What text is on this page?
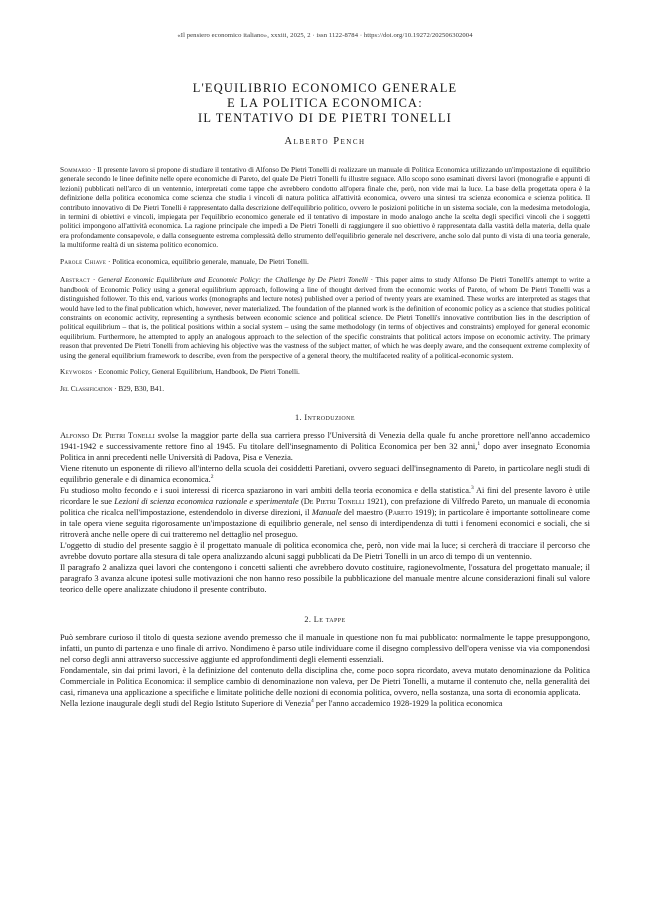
«Il pensiero economico italiano», xxxiii, 2025, 2 · issn 1122-8784 · https://doi.org/10.19272/202506302004
L'EQUILIBRIO ECONOMICO GENERALE
E LA POLITICA ECONOMICA:
IL TENTATIVO DI DE PIETRI TONELLI
Alberto Pench

Sommario · Il presente lavoro si propone di studiare il tentativo di Alfonso De Pietri Tonelli di realizzare un manuale di Politica Economica utilizzando un'impostazione di equilibrio generale secondo le linee definite nelle opere economiche di Pareto, del quale De Pietri Tonelli fu illustre seguace. Allo scopo sono esaminati diversi lavori (monografie e appunti di lezioni) pubblicati nell'arco di un ventennio, interpretati come tappe che avrebbero condotto all'opera finale che, però, non vide mai la luce. La base della progettata opera è la definizione della politica economica come scienza che studia i vincoli di natura politica all'attività economica, ovvero una sintesi tra scienza economica e scienza politica. Il contributo innovativo di De Pietri Tonelli è rappresentato dalla descrizione dell'equilibrio politico, ovvero le posizioni politiche in un sistema sociale, con la medesima metodologia, in termini di obiettivi e vincoli, impiegata per l'equilibrio economico generale ed il tentativo di impostare in modo analogo anche la scelta degli specifici vincoli che i soggetti politici impongono all'attività economica. La ragione principale che impedì a De Pietri Tonelli di raggiungere il suo obiettivo è rappresentata dalla vastità della materia, della quale era profondamente consapevole, e dalla conseguente estrema complessità dello strumento dell'equilibrio generale nel descrivere, anche solo dal punto di vista di una teoria generale, la multiforme realtà di un sistema politico economico.

Parole Chiave · Politica economica, equilibrio generale, manuale, De Pietri Tonelli.

Abstract · General Economic Equilibrium and Economic Policy: the Challenge by De Pietri Tonelli · This paper aims to study Alfonso De Pietri Tonelli's attempt to write a handbook of Economic Policy using a general equilibrium approach, following a line of thought derived from the economic works of Pareto, of whom De Pietri Tonelli was a distinguished follower. To this end, various works (monographs and lecture notes) published over a period of twenty years are examined. These works are interpreted as stages that would have led to the final publication which, however, never materialized. The foundation of the planned work is the definition of economic policy as a science that studies political constraints on economic activity, representing a synthesis between economic science and political science. De Pietri Tonelli's innovative contribution lies in the description of political equilibrium – that is, the political positions within a social system – using the same methodology (in terms of objectives and constraints) employed for general economic equilibrium. Furthermore, he attempted to apply an analogous approach to the selection of the specific constraints that political actors impose on economic activity. The primary reason that prevented De Pietri Tonelli from achieving his objective was the vastness of the subject matter, of which he was deeply aware, and the consequent extreme complexity of using the general equilibrium framework to describe, even from the perspective of a general theory, the multifaceted reality of a political-economic system.

Keywords · Economic Policy, General Equilibrium, Handbook, De Pietri Tonelli.

Jel Classification · B29, B30, B41.

1. Introduzione

Alfonso De Pietri Tonelli svolse la maggior parte della sua carriera presso l'Università di Venezia della quale fu anche prorettore nell'anno accademico 1941-1942 e successivamente rettore fino al 1945. Fu titolare dell'insegnamento di Politica Economica per ben 32 anni,$^1$ dopo aver insegnato Economia Politica in anni precedenti nelle Università di Padova, Pisa e Venezia.

Viene ritenuto un esponente di rilievo all'interno della scuola dei cosiddetti Paretiani, ovvero seguaci dell'insegnamento di Pareto, in particolare negli studi di equilibrio generale e di dinamica economica.$^2$

Fu studioso molto fecondo e i suoi interessi di ricerca spaziarono in vari ambiti della teoria economica e della statistica.$^3$ Ai fini del presente lavoro è utile ricordare le sue Lezioni di scienza economica razionale e sperimentale (De Pietri Tonelli 1921), con prefazione di Vilfredo Pareto, un manuale di economia politica che ricalca nell'impostazione, estendendolo in diverse direzioni, il Manuale del maestro (Pareto 1919); in particolare è importante sottolineare come in tale opera viene seguita rigorosamente un'impostazione di equilibrio generale, nel senso di interdipendenza di tutti i fenomeni economici e sociali, che si ritroverà anche nelle opere di cui tratteremo nel dettaglio nel proseguo.

L'oggetto di studio del presente saggio è il progettato manuale di politica economica che, però, non vide mai la luce; si cercherà di tracciare il percorso che avrebbe dovuto portare alla stesura di tale opera analizzando alcuni saggi pubblicati da De Pietri Tonelli in un arco di tempo di un ventennio.

Il paragrafo 2 analizza quei lavori che contengono i concetti salienti che avrebbero dovuto costituire, ragionevolmente, l'ossatura del progettato manuale; il paragrafo 3 avanza alcune ipotesi sulle motivazioni che non hanno reso possibile la pubblicazione del manuale mentre alcune considerazioni finali sul valore teorico delle opere analizzate chiudono il presente contributo.

2. Le tappe

Può sembrare curioso il titolo di questa sezione avendo premesso che il manuale in questione non fu mai pubblicato: normalmente le tappe presuppongono, infatti, un punto di partenza e uno finale di arrivo. Nondimeno è parso utile individuare come il disegno complessivo dell'opera venisse via via componendosi nel corso degli anni attraverso successive aggiunte ed approfondimenti degli elementi essenziali.

Fondamentale, sin dai primi lavori, è la definizione del contenuto della disciplina che, come poco sopra ricordato, aveva mutato denominazione da Politica Commerciale in Politica Economica: il semplice cambio di denominazione non valeva, per De Pietri Tonelli, a mutarne il contenuto che, nella generalità dei casi, rimaneva una applicazione a specifiche e limitate politiche delle nozioni di economia politica, ovvero, nella sostanza, una sorta di economia applicata.

Nella lezione inaugurale degli studi del Regio Istituto Superiore di Venezia$^4$ per l'anno accademico 1928-1929 la politica economica
